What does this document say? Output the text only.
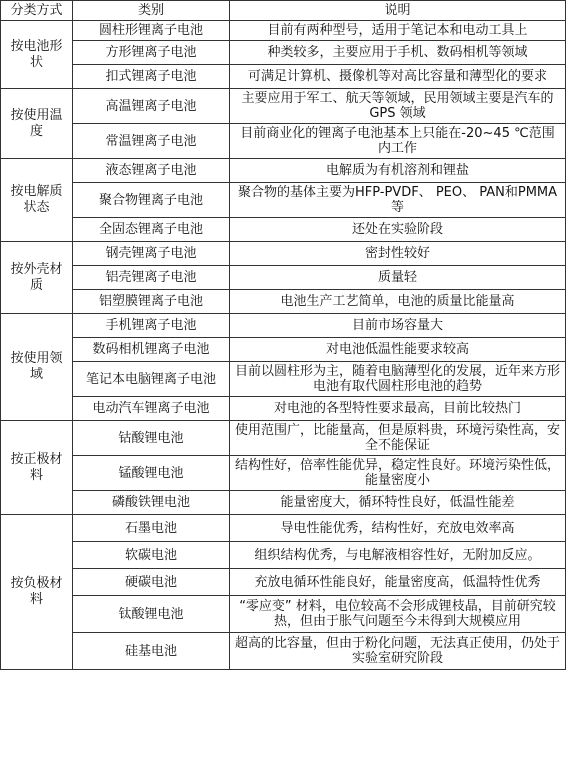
分类方式	类别	说明
按电池形状	圆柱形锂离子电池	目前有两种型号，适用于笔记本和电动工具上
	方形锂离子电池	种类较多，主要应用于手机、数码相机等领域
	扣式锂离子电池	可满足计算机、摄像机等对高比容量和薄型化的要求
按使用温度	高温锂离子电池	主要应用于军工、航天等领域，民用领域主要是汽车的 GPS 领域
	常温锂离子电池	目前商业化的锂离子电池基本上只能在-20~45 ℃范围内工作
按电解质状态	液态锂离子电池	电解质为有机溶剂和锂盐
	聚合物锂离子电池	聚合物的基体主要为HFP-PVDF、 PEO、 PAN和PMMA等
	全固态锂离子电池	还处在实验阶段
按外壳材质	钢壳锂离子电池	密封性较好
	铝壳锂离子电池	质量轻
	铝塑膜锂离子电池	电池生产工艺简单，电池的质量比能量高
按使用领域	手机锂离子电池	目前市场容量大
	数码相机锂离子电池	对电池低温性能要求较高
	笔记本电脑锂离子电池	目前以圆柱形为主，随着电脑薄型化的发展，近年来方形电池有取代圆柱形电池的趋势
	电动汽车锂离子电池	对电池的各型特性要求最高，目前比较热门
按正极材料	钴酸锂电池	使用范围广，比能量高，但是原料贵，环境污染性高，安全不能保证
	锰酸锂电池	结构性好，倍率性能优异，稳定性良好。环境污染性低，能量密度小
	磷酸铁锂电池	能量密度大，循环特性良好，低温性能差
按负极材料	石墨电池	导电性能优秀，结构性好，充放电效率高
	软碳电池	组织结构优秀，与电解液相容性好，无附加反应。
	硬碳电池	充放电循环性能良好，能量密度高，低温特性优秀
	钛酸锂电池	“零应变” 材料，电位较高不会形成锂枝晶，目前研究较热，但由于胀气问题至今未得到大规模应用
	硅基电池	超高的比容量，但由于粉化问题，无法真正使用，仍处于实验室研究阶段
